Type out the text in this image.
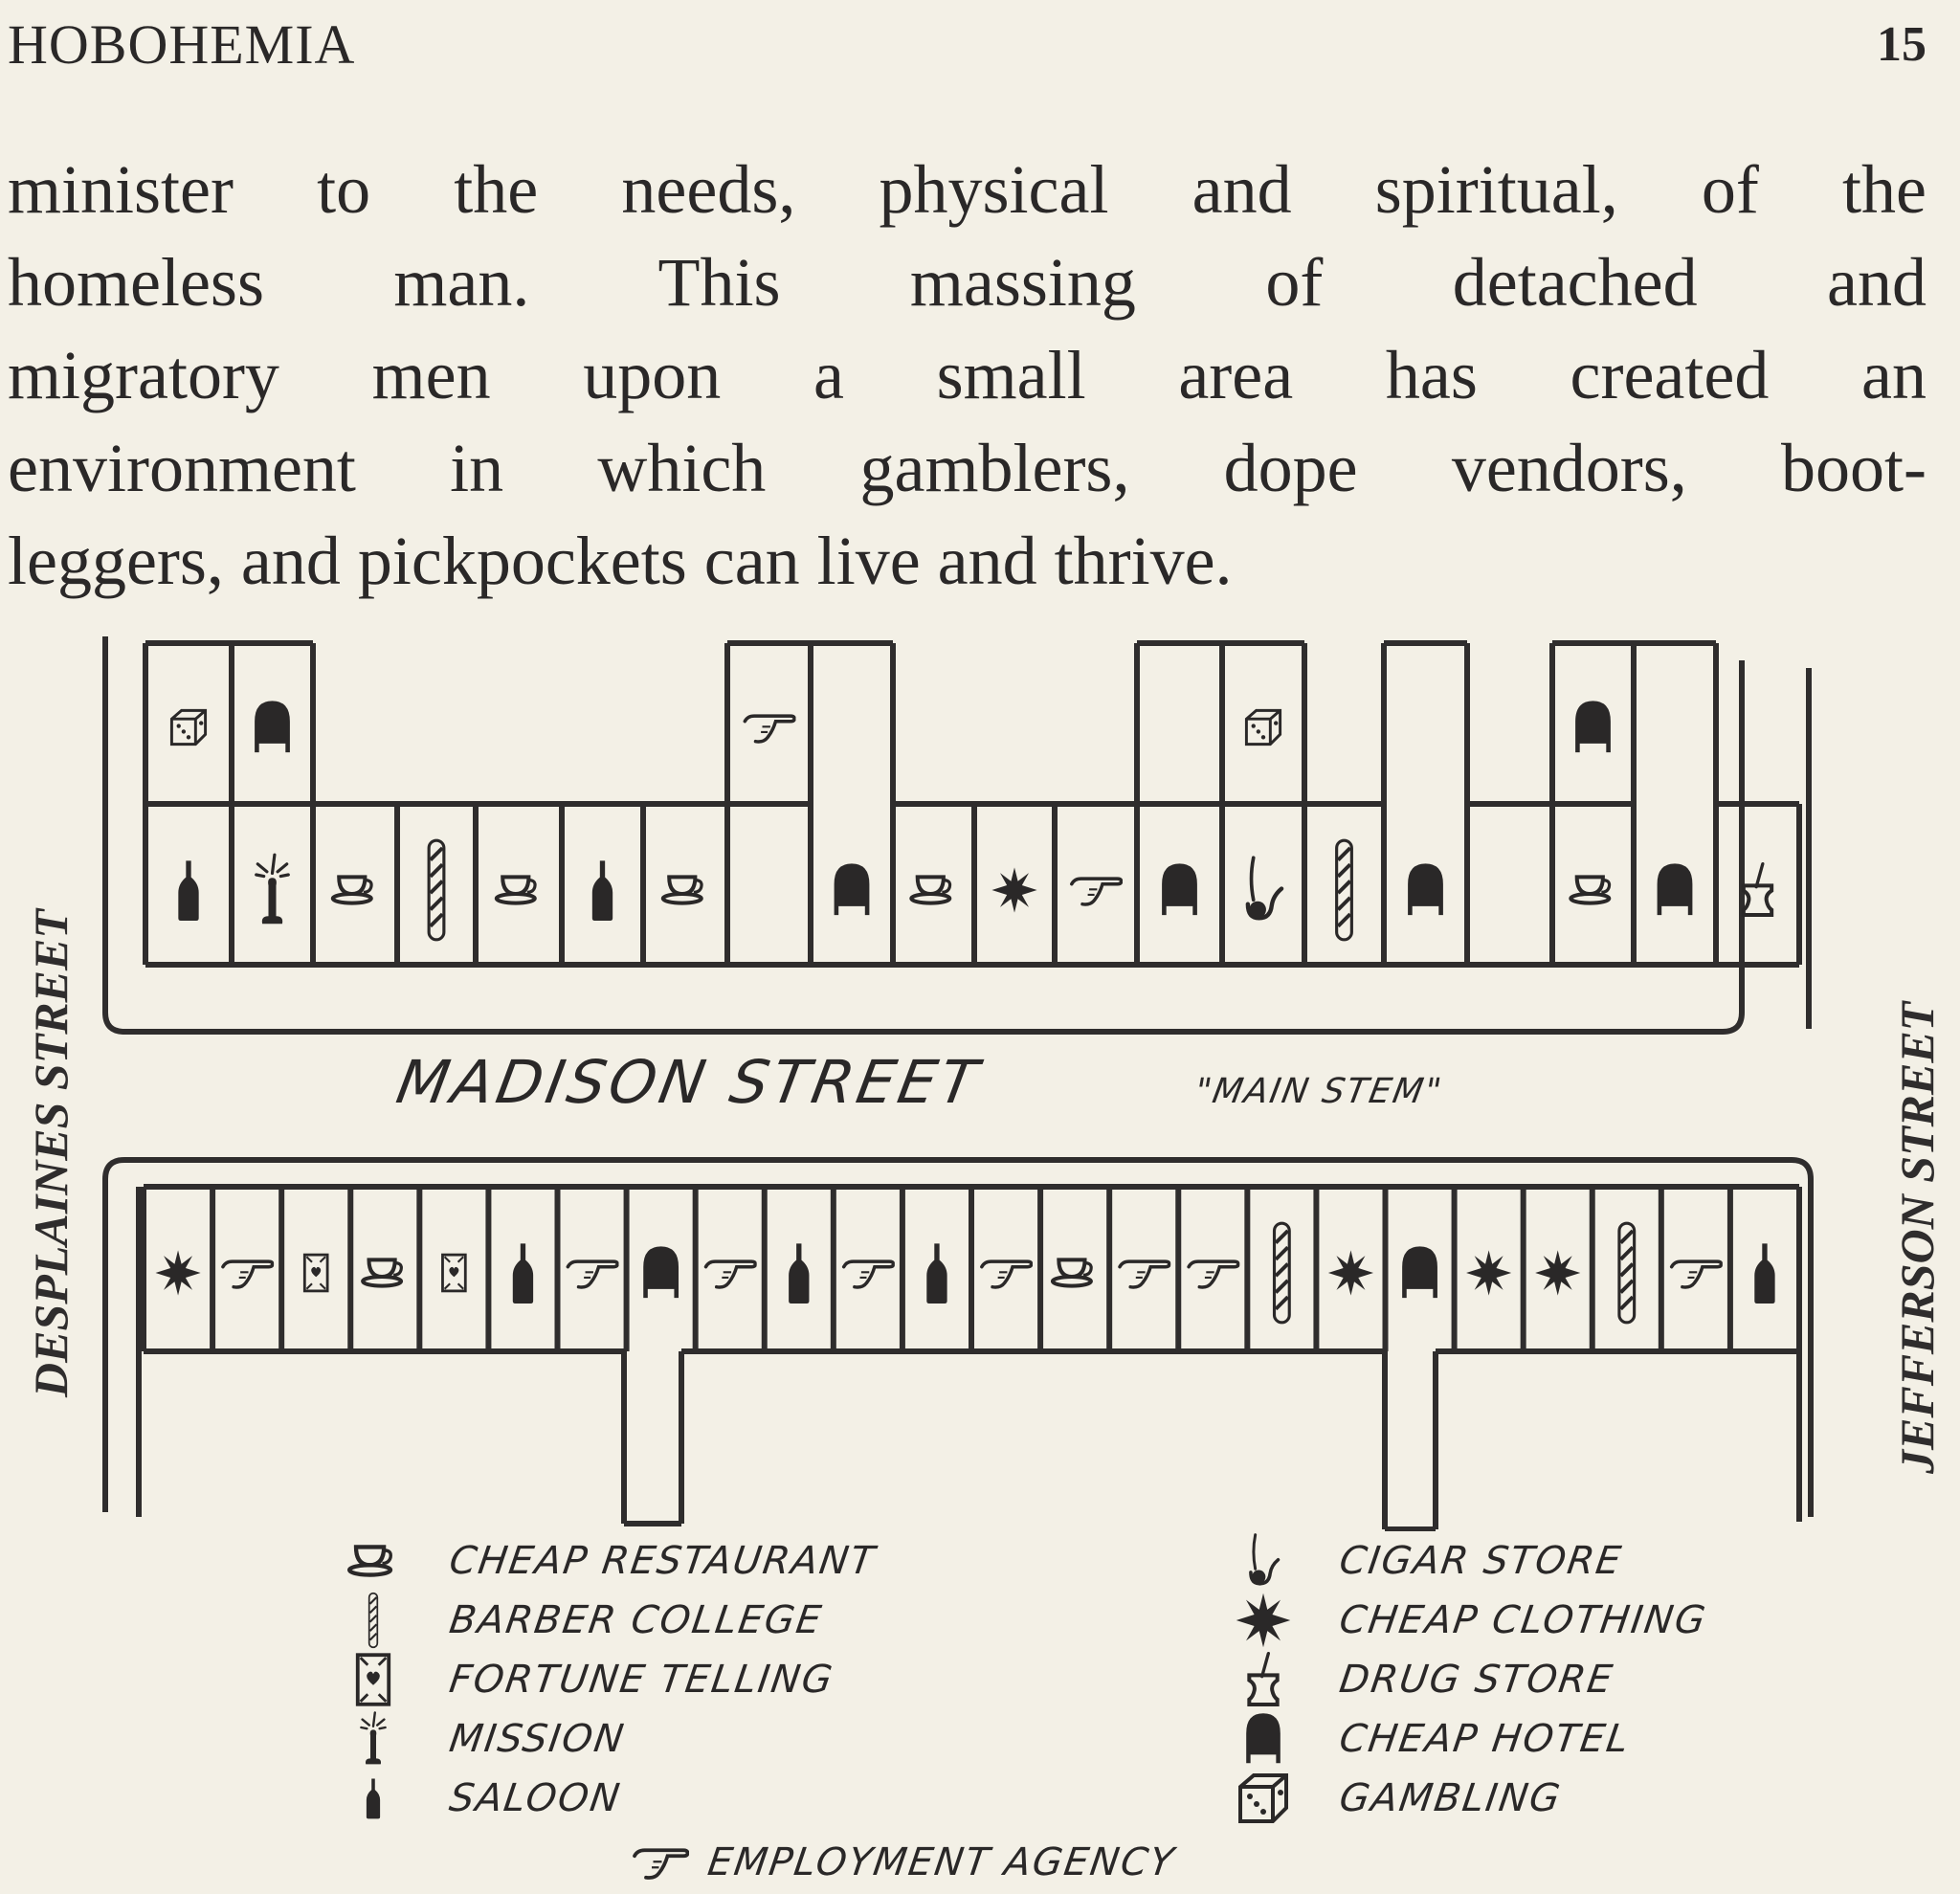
HOBOHEMIA	15
minister to the needs, physical and spiritual, of the
homeless man. This massing of detached and
migratory men upon a small area has created an
environment in which gamblers, dope vendors, boot-
leggers, and pickpockets can live and thrive.
DESPLAINES STREET	JEFFERSON STREET
MADISON STREET	"MAIN STEM"
CHEAP RESTAURANT
BARBER COLLEGE
FORTUNE TELLING
MISSION
SALOON
CIGAR STORE
CHEAP CLOTHING
DRUG STORE
CHEAP HOTEL
GAMBLING
EMPLOYMENT AGENCY
